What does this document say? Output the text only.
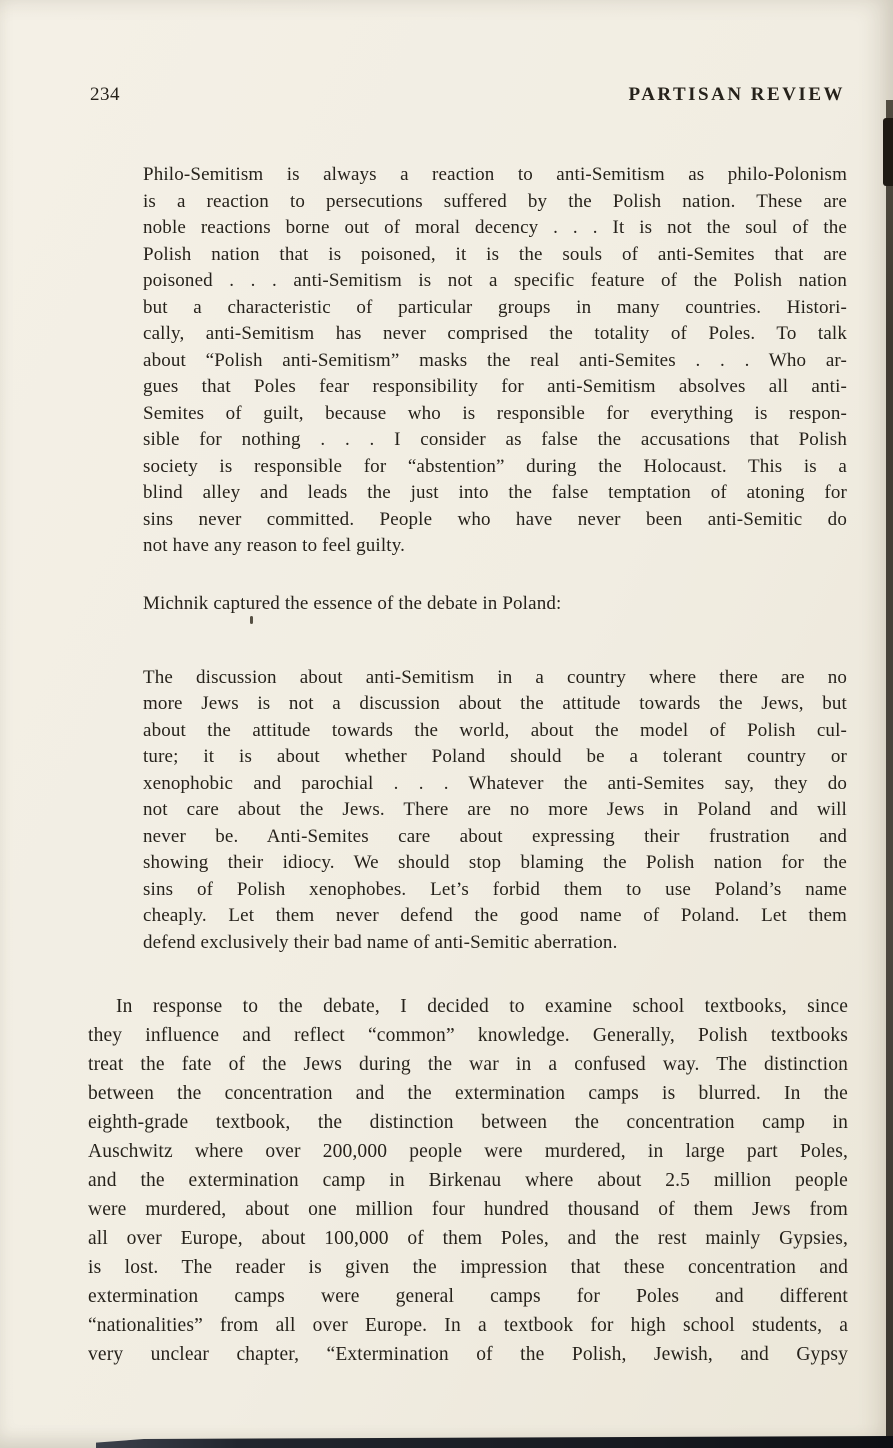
234	PARTISAN REVIEW
Philo-Semitism is always a reaction to anti-Semitism as philo-Polonism
is a reaction to persecutions suffered by the Polish nation. These are
noble reactions borne out of moral decency . . . It is not the soul of the
Polish nation that is poisoned, it is the souls of anti-Semites that are
poisoned . . . anti-Semitism is not a specific feature of the Polish nation
but a characteristic of particular groups in many countries. Histori-
cally, anti-Semitism has never comprised the totality of Poles. To talk
about “Polish anti-Semitism” masks the real anti-Semites . . . Who ar-
gues that Poles fear responsibility for anti-Semitism absolves all anti-
Semites of guilt, because who is responsible for everything is respon-
sible for nothing . . . I consider as false the accusations that Polish
society is responsible for “abstention” during the Holocaust. This is a
blind alley and leads the just into the false temptation of atoning for
sins never committed. People who have never been anti-Semitic do
not have any reason to feel guilty.

Michnik captured the essence of the debate in Poland:

The discussion about anti-Semitism in a country where there are no
more Jews is not a discussion about the attitude towards the Jews, but
about the attitude towards the world, about the model of Polish cul-
ture; it is about whether Poland should be a tolerant country or
xenophobic and parochial . . . Whatever the anti-Semites say, they do
not care about the Jews. There are no more Jews in Poland and will
never be. Anti-Semites care about expressing their frustration and
showing their idiocy. We should stop blaming the Polish nation for the
sins of Polish xenophobes. Let’s forbid them to use Poland’s name
cheaply. Let them never defend the good name of Poland. Let them
defend exclusively their bad name of anti-Semitic aberration.
In response to the debate, I decided to examine school textbooks, since
they influence and reflect “common” knowledge. Generally, Polish textbooks
treat the fate of the Jews during the war in a confused way. The distinction
between the concentration and the extermination camps is blurred. In the
eighth-grade textbook, the distinction between the concentration camp in
Auschwitz where over 200,000 people were murdered, in large part Poles,
and the extermination camp in Birkenau where about 2.5 million people
were murdered, about one million four hundred thousand of them Jews from
all over Europe, about 100,000 of them Poles, and the rest mainly Gypsies,
is lost. The reader is given the impression that these concentration and
extermination camps were general camps for Poles and different
“nationalities” from all over Europe. In a textbook for high school students, a
very unclear chapter, “Extermination of the Polish, Jewish, and Gypsy
